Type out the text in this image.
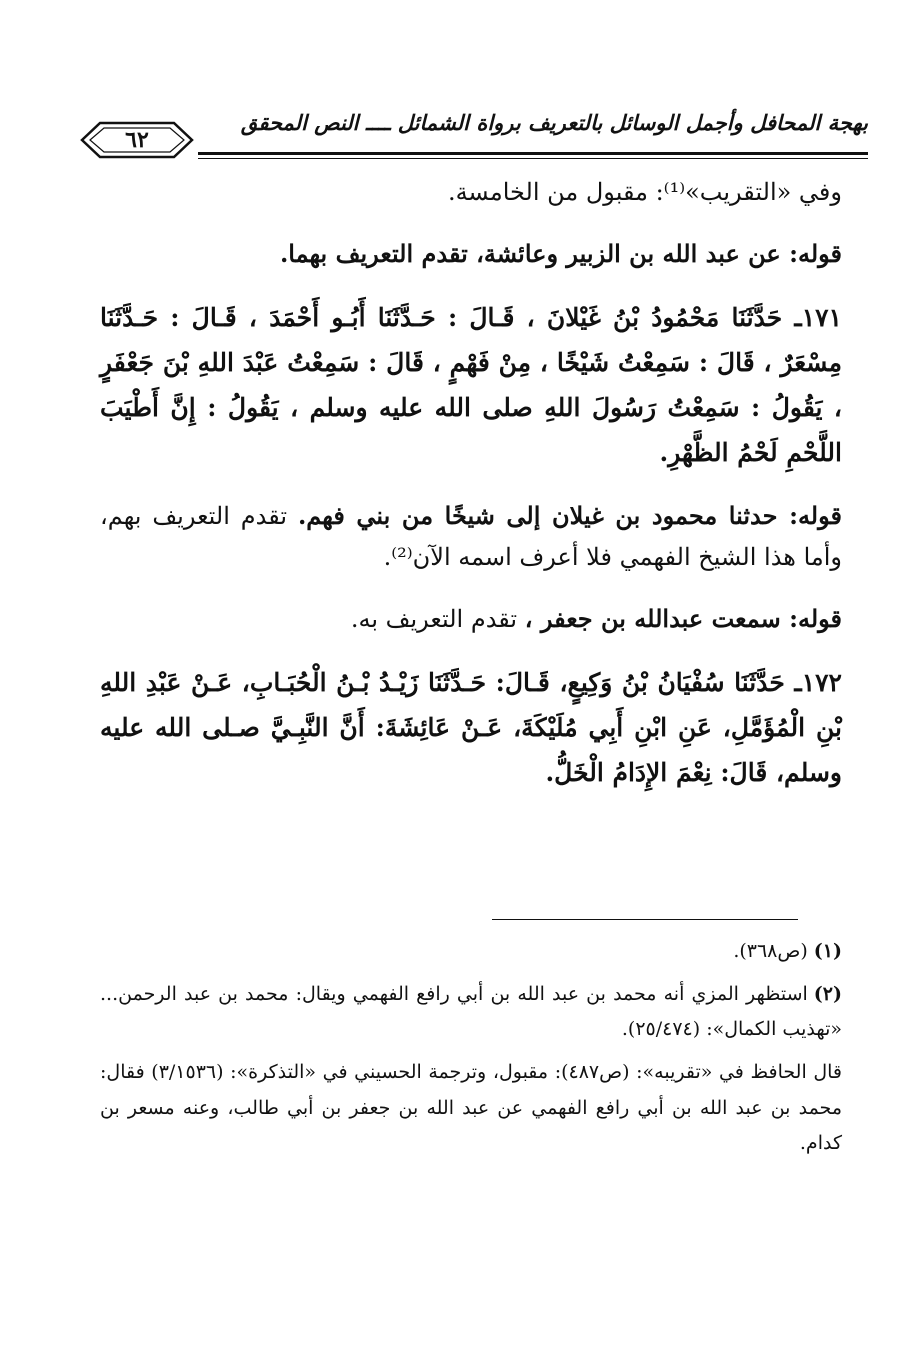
٦٢
بهجة المحافل وأجمل الوسائل بالتعريف برواة الشمائل ــــ النص المحقق

وفي «التقريب»⁽¹⁾: مقبول من الخامسة.

قوله: عن عبد الله بن الزبير وعائشة، تقدم التعريف بهما.

١٧١ـ حَدَّثَنَا مَحْمُودُ بْنُ غَيْلانَ ، قَـالَ : حَـدَّثَنَا أَبُـو أَحْمَدَ ، قَـالَ : حَـدَّثَنَا مِسْعَرٌ ، قَالَ : سَمِعْتُ شَيْخًا ، مِنْ فَهْمٍ ، قَالَ : سَمِعْتُ عَبْدَ اللهِ بْنَ جَعْفَرٍ ، يَقُولُ : سَمِعْتُ رَسُولَ اللهِ صلى الله عليه وسلم ، يَقُولُ : إِنَّ أَطْيَبَ اللَّحْمِ لَحْمُ الظَّهْرِ.

قوله: حدثنا محمود بن غيلان إلى شيخًا من بني فهم. تقدم التعريف بهم، وأما هذا الشيخ الفهمي فلا أعرف اسمه الآن⁽²⁾.

قوله: سمعت عبدالله بن جعفر ، تقدم التعريف به.

١٧٢ـ حَدَّثَنَا سُفْيَانُ بْنُ وَكِيعٍ، قَـالَ: حَـدَّثَنَا زَيْـدُ بْـنُ الْحُبَـابِ، عَـنْ عَبْدِ اللهِ بْنِ الْمُؤَمَّلِ، عَنِ ابْنِ أَبِي مُلَيْكَةَ، عَـنْ عَائِشَةَ: أَنَّ النَّبِـيَّ صـلى الله عليه وسلم، قَالَ: نِعْمَ الإِدَامُ الْخَلُّ.

(١)(ص٣٦٨).

(٢)استظهر المزي أنه محمد بن عبد الله بن أبي رافع الفهمي ويقال: محمد بن عبد الرحمن... «تهذيب الكمال»: (٢٥/٤٧٤).

قال الحافظ في «تقريبه»: (ص٤٨٧): مقبول، وترجمة الحسيني في «التذكرة»: (٣/١٥٣٦) فقال: محمد بن عبد الله بن أبي رافع الفهمي عن عبد الله بن جعفر بن أبي طالب، وعنه مسعر بن كدام.
